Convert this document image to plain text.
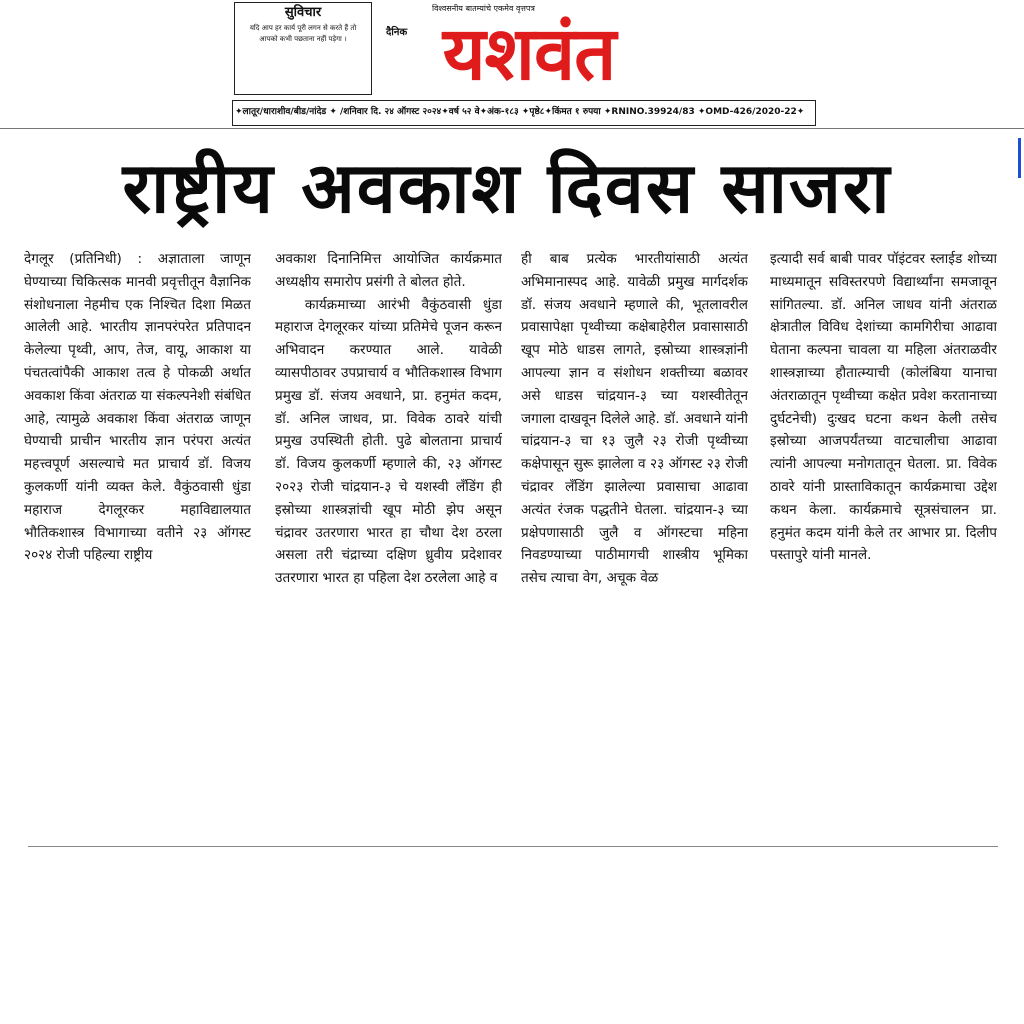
सुविचार

यदि आप हर कार्य पूरी लगन से करते हैं तो आपको कभी पछताना नहीं पड़ेगा ।

विश्वसनीय बातम्यांचे एकमेव वृत्तपत्र
दैनिक यशवंत
✦लातूर/धाराशीव/बीड/नांदेड ✦ /शनिवार दि. २४ ऑगस्ट २०२४✦वर्ष ५२ वे✦अंक-१८३ ✦पृष्ठे८✦किंमत १ रुपया ✦RNINO.39924/83 ✦OMD-426/2020-22✦
राष्ट्रीय अवकाश दिवस साजरा

देगलूर (प्रतिनिधी) : अज्ञाताला जाणून घेण्याच्या चिकित्सक मानवी प्रवृत्तीतून वैज्ञानिक संशोधनाला नेहमीच एक निश्चित दिशा मिळत आलेली आहे. भारतीय ज्ञानपरंपरेत प्रतिपादन केलेल्या पृथ्वी, आप, तेज, वायू, आकाश या पंचतत्वांपैकी आकाश तत्व हे पोकळी अर्थात अवकाश किंवा अंतराळ या संकल्पनेशी संबंधित आहे, त्यामुळे अवकाश किंवा अंतराळ जाणून घेण्याची प्राचीन भारतीय ज्ञान परंपरा अत्यंत महत्त्वपूर्ण असल्याचे मत प्राचार्य डॉ. विजय कुलकर्णी यांनी व्यक्त केले. वैकुंठवासी धुंडा महाराज देगलूरकर महाविद्यालयात भौतिकशास्त्र विभागाच्या वतीने २३ ऑगस्ट २०२४ रोजी पहिल्या राष्ट्रीय

अवकाश दिनानिमित्त आयोजित कार्यक्रमात अध्यक्षीय समारोप प्रसंगी ते बोलत होते.

कार्यक्रमाच्या आरंभी वैकुंठवासी धुंडा महाराज देगलूरकर यांच्या प्रतिमेचे पूजन करून अभिवादन करण्यात आले. यावेळी व्यासपीठावर उपप्राचार्य व भौतिकशास्त्र विभाग प्रमुख डॉ. संजय अवधाने, प्रा. हनुमंत कदम, डॉ. अनिल जाधव, प्रा. विवेक ठावरे यांची प्रमुख उपस्थिती होती. पुढे बोलताना प्राचार्य डॉ. विजय कुलकर्णी म्हणाले की, २३ ऑगस्ट २०२३ रोजी चांद्रयान-३ चे यशस्वी लँडिंग ही इस्रोच्या शास्त्रज्ञांची खूप मोठी झेप असून चंद्रावर उतरणारा भारत हा चौथा देश ठरला असला तरी चंद्राच्या दक्षिण ध्रुवीय प्रदेशावर उतरणारा भारत हा पहिला देश ठरलेला आहे व

ही बाब प्रत्येक भारतीयांसाठी अत्यंत अभिमानास्पद आहे. यावेळी प्रमुख मार्गदर्शक डॉ. संजय अवधाने म्हणाले की, भूतलावरील प्रवासापेक्षा पृथ्वीच्या कक्षेबाहेरील प्रवासासाठी खूप मोठे धाडस लागते, इस्रोच्या शास्त्रज्ञांनी आपल्या ज्ञान व संशोधन शक्तीच्या बळावर असे धाडस चांद्रयान-३ च्या यशस्वीतेतून जगाला दाखवून दिलेले आहे. डॉ. अवधाने यांनी चांद्रयान-३ चा १३ जुलै २३ रोजी पृथ्वीच्या कक्षेपासून सुरू झालेला व २३ ऑगस्ट २३ रोजी चंद्रावर लँडिंग झालेल्या प्रवासाचा आढावा अत्यंत रंजक पद्धतीने घेतला. चांद्रयान-३ च्या प्रक्षेपणासाठी जुलै व ऑगस्टचा महिना निवडण्याच्या पाठीमागची शास्त्रीय भूमिका तसेच त्याचा वेग, अचूक वेळ

इत्यादी सर्व बाबी पावर पॉइंटवर स्लाईड शोच्या माध्यमातून सविस्तरपणे विद्यार्थ्यांना समजावून सांगितल्या. डॉ. अनिल जाधव यांनी अंतराळ क्षेत्रातील विविध देशांच्या कामगिरीचा आढावा घेताना कल्पना चावला या महिला अंतराळवीर शास्त्रज्ञाच्या हौतात्म्याची (कोलंबिया यानाचा अंतराळातून पृथ्वीच्या कक्षेत प्रवेश करतानाच्या दुर्घटनेची) दुःखद घटना कथन केली तसेच इस्रोच्या आजपर्यंतच्या वाटचालीचा आढावा त्यांनी आपल्या मनोगतातून घेतला. प्रा. विवेक ठावरे यांनी प्रास्ताविकातून कार्यक्रमाचा उद्देश कथन केला. कार्यक्रमाचे सूत्रसंचालन प्रा. हनुमंत कदम यांनी केले तर आभार प्रा. दिलीप पस्तापुरे यांनी मानले.
